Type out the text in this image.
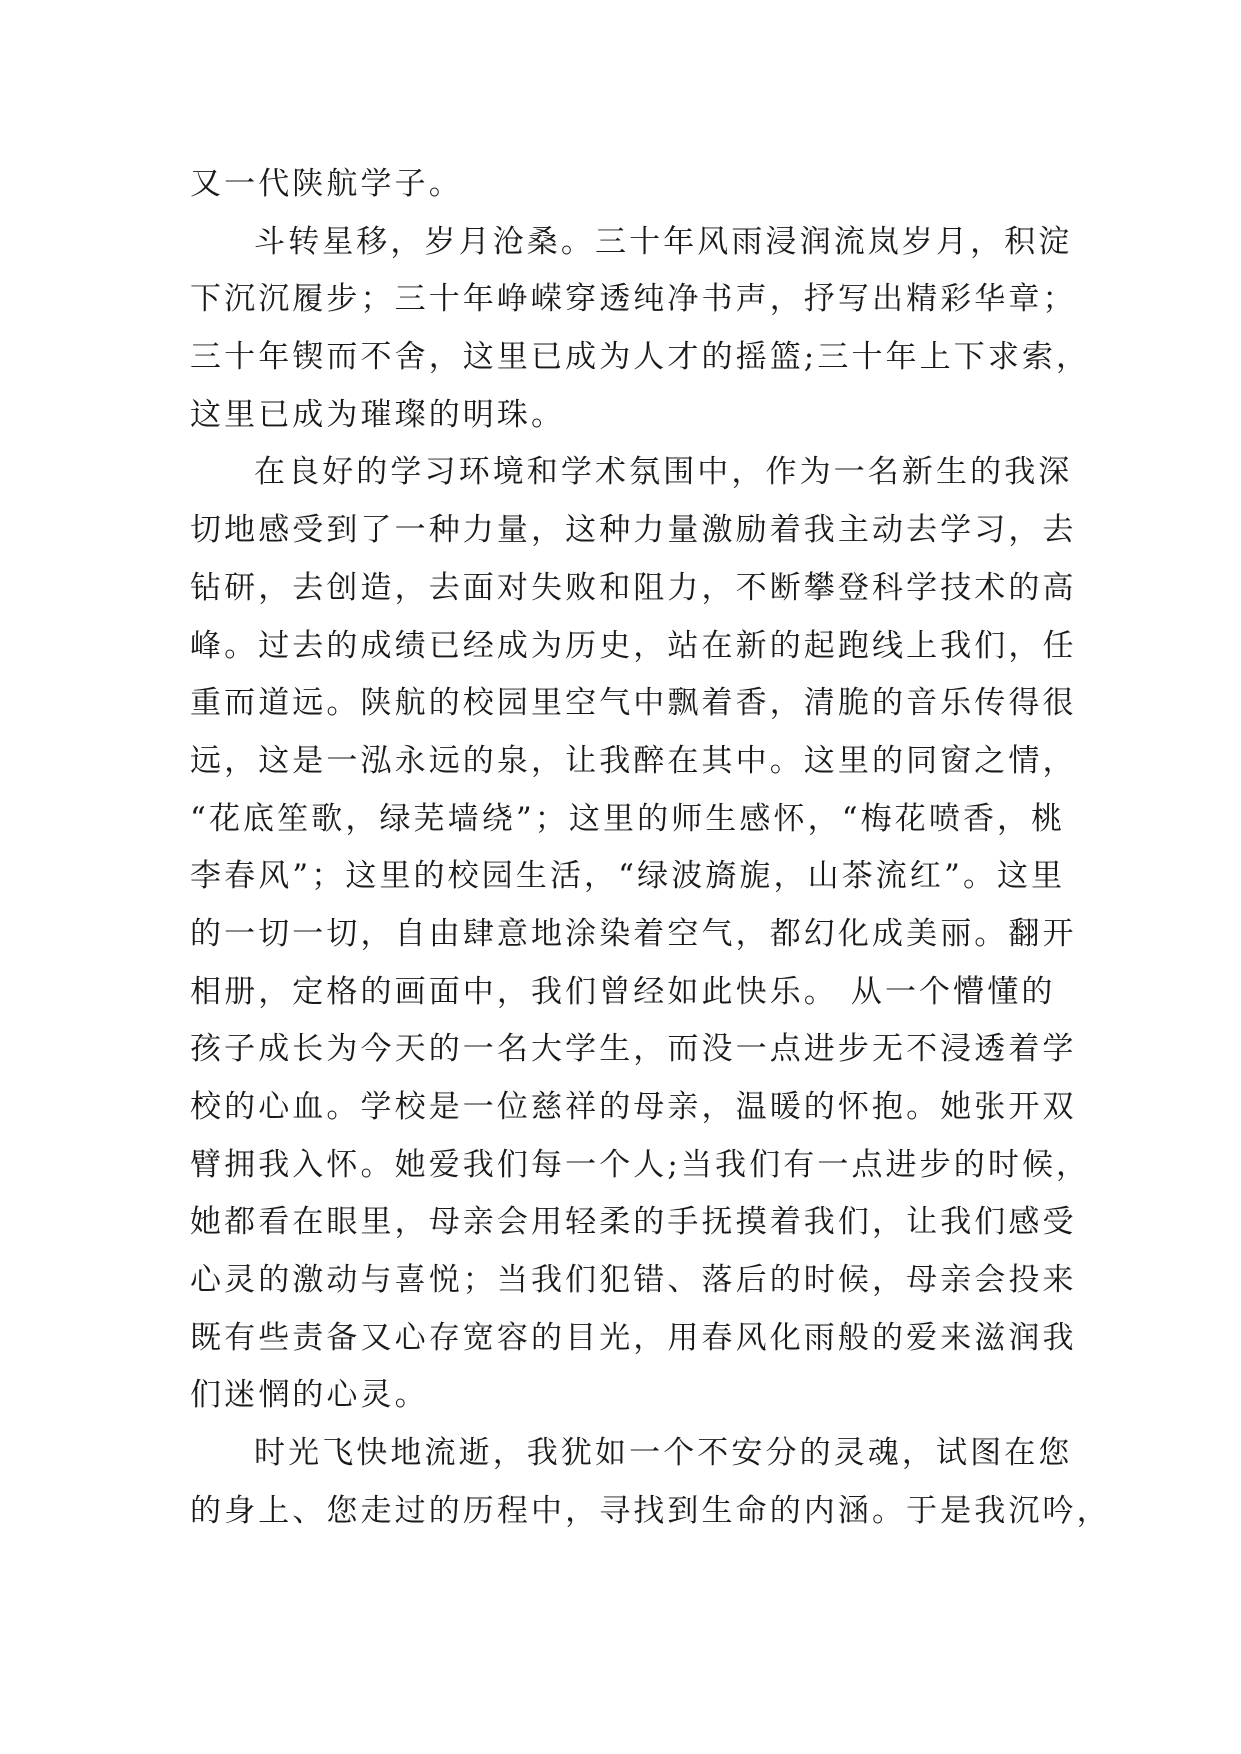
又一代陕航学子。
斗转星移，岁月沧桑。三十年风雨浸润流岚岁月，积淀
下沉沉履步；三十年峥嵘穿透纯净书声，抒写出精彩华章；
三十年锲而不舍，这里已成为人才的摇篮;三十年上下求索，
这里已成为璀璨的明珠。
在良好的学习环境和学术氛围中，作为一名新生的我深
切地感受到了一种力量，这种力量激励着我主动去学习，去
钻研，去创造，去面对失败和阻力，不断攀登科学技术的高
峰。过去的成绩已经成为历史，站在新的起跑线上我们，任
重而道远。陕航的校园里空气中飘着香，清脆的音乐传得很
远，这是一泓永远的泉，让我醉在其中。这里的同窗之情，
“花底笙歌，绿芜墙绕”；这里的师生感怀，“梅花喷香，桃
李春风”；这里的校园生活，“绿波旖旎，山茶流红”。这里
的一切一切，自由肆意地涂染着空气，都幻化成美丽。翻开
相册，定格的画面中，我们曾经如此快乐。 从一个懵懂的
孩子成长为今天的一名大学生，而没一点进步无不浸透着学
校的心血。学校是一位慈祥的母亲，温暖的怀抱。她张开双
臂拥我入怀。她爱我们每一个人;当我们有一点进步的时候，
她都看在眼里，母亲会用轻柔的手抚摸着我们，让我们感受
心灵的激动与喜悦；当我们犯错、落后的时候，母亲会投来
既有些责备又心存宽容的目光，用春风化雨般的爱来滋润我
们迷惘的心灵。
时光飞快地流逝，我犹如一个不安分的灵魂，试图在您
的身上、您走过的历程中，寻找到生命的内涵。于是我沉吟，
